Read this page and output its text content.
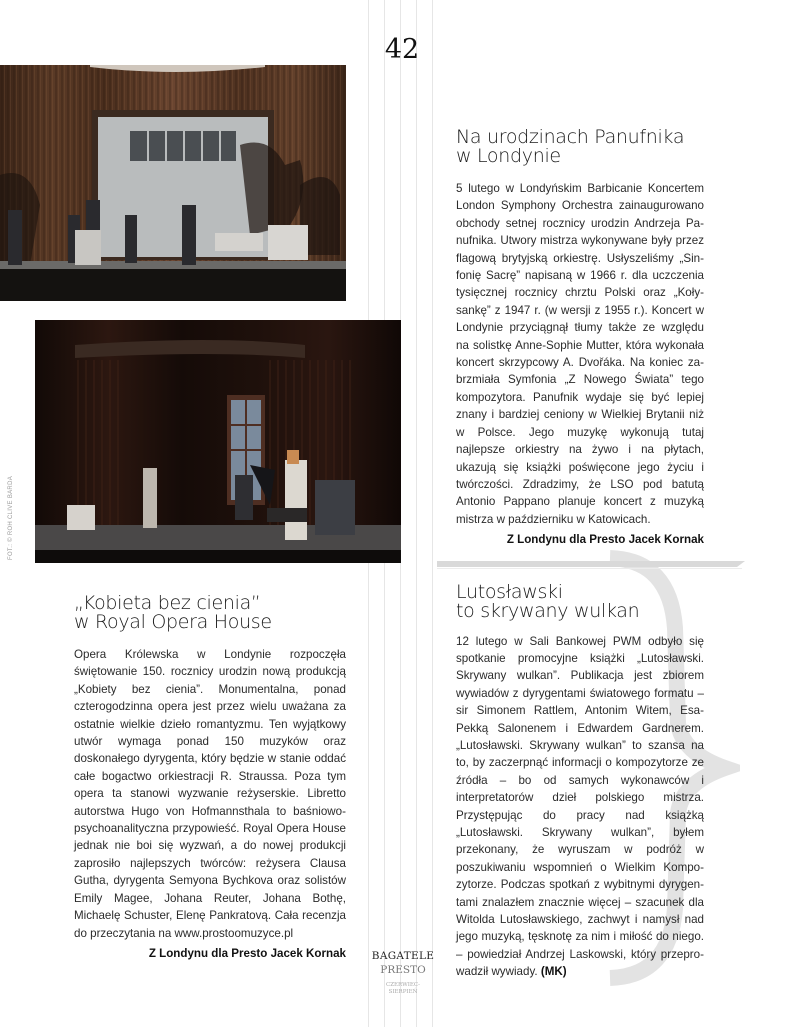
42
FOT.: © ROH CLIVE BARDA
Na urodzinach Panufnika
w Londynie
5 lutego w Londyńskim Barbicanie Koncertem London Symphony Orchestra zainaugurowano obchody setnej rocznicy urodzin Andrzeja Panufnika. Utwory mistrza wykonywane były przez flagową brytyjską orkiestrę. Usłyszeliśmy „Sinfonię Sacrę” napisaną w 1966 r. dla uczczenia tysięcznej rocznicy chrztu Polski oraz „Kołysankę” z 1947 r. (w wersji z 1955 r.). Koncert w Londynie przyciągnął tłumy także ze względu na solistkę Anne-Sophie Mutter, która wykonała koncert skrzypcowy A. Dvořáka. Na koniec zabrzmiała Symfonia „Z Nowego Świata” tego kompozytora. Panufnik wydaje się być lepiej znany i bardziej ceniony w Wielkiej Brytanii niż w Polsce. Jego muzykę wykonują tutaj najlepsze orkiestry na żywo i na płytach, ukazują się książki poświęcone jego życiu i twórczości. Zdradzimy, że LSO pod batutą Antonio Pappano planuje koncert z muzyką mistrza w październiku w Katowicach.
Z Londynu dla Presto Jacek Kornak
Lutosławski
to skrywany wulkan
12 lutego w Sali Bankowej PWM odbyło się spotkanie promocyjne książki „Lutosławski. Skrywany wulkan”. Publikacja jest zbiorem wywiadów z dyrygentami światowego formatu – sir Simonem Rattlem, Antonim Witem, Esa-Pekką Salonenem i Edwardem Gardnerem. „Lutosławski. Skrywany wulkan” to szansa na to, by zaczerpnąć informacji o kompozytorze ze źródła – bo od samych wykonawców i interpretatorów dzieł polskiego mistrza. Przystępując do pracy nad książką „Lutosławski. Skrywany wulkan”, byłem przekonany, że wyruszam w podróż w poszukiwaniu wspomnień o Wielkim Kompozytorze. Podczas spotkań z wybitnymi dyrygentami znalazłem znacznie więcej – szacunek dla Witolda Lutosławskiego, zachwyt i namysł nad jego muzyką, tęsknotę za nim i miłość do niego. – powiedział Andrzej Laskowski, który przeprowadził wywiady. (MK)
„Kobieta bez cienia”
w Royal Opera House
Opera Królewska w Londynie rozpoczęła świętowanie 150. rocznicy urodzin nową produkcją „Kobiety bez cienia”. Monumentalna, ponad czterogodzinna opera jest przez wielu uważana za ostatnie wielkie dzieło romantyzmu. Ten wyjątkowy utwór wymaga ponad 150 muzyków oraz doskonałego dyrygenta, który będzie w stanie oddać całe bogactwo orkiestracji R. Straussa. Poza tym opera ta stanowi wyzwanie reżyserskie. Libretto autorstwa Hugo von Hofmannsthala to baśniowo-psychoanalityczna przypowieść. Royal Opera House jednak nie boi się wyzwań, a do nowej produkcji zaprosiło najlepszych twórców: reżysera Clausa Gutha, dyrygenta Semyona Bychkova oraz solistów Emily Magee, Johana Reuter, Johana Bothę, Michaelę Schuster, Elenę Pankratovą. Cała recenzja do przeczytania na www.prostoomuzyce.pl
Z Londynu dla Presto Jacek Kornak	BAGATELE
PRESTO
CZERWIEC-
SIERPIEŃ
